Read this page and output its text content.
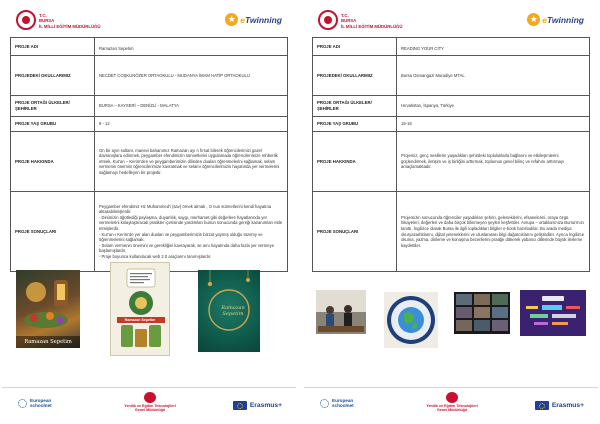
T.C.
BURSA
İL MİLLİ EĞİTİM MÜDÜRLÜĞÜ
★ eTwinning
PROJE ADI	Ramazan Sepetim
PROJEDEKİ OKULLARIMIZ	NECDET COŞKUNÖZER ORTAOKULU - MUDANYA İMAM HATİP ORTAOKULU
PROJE ORTAĞI ÜLKELER/ŞEHİRLER	BURSA – KAYSERİ – DENİZLİ - MALATYA
PROJE YAŞ GRUBU	9 - 12
PROJE HAKKINDA	On bir ayın sultanı, manevi bahanımız Ramazan ayı n fırsat bilerek öğrencilerimizi gazel davranışlara edinmek, peygamber efendimizin sünnetlerini uygulamada öğrencilerimize rehberlik etmek, Kur'an – Kerim'den ve peygamberimizin dilinden duaları öğrenmelerini sağlamak, selam vermenin önemini öğrencilerimize kavratmak ve selamı öğrencilerimizin hayatında yer vermelerini sağlamayı hedefleyen bir projedir.
PROJE SONUÇLARI	Peygamber efendimiz Hz Muhammed'i (sav) örnek almak , O nun sünnetlerini kendi hayatına aktarabilmişlerdir.
- Dinimizin öğütlediği paylaşma, duyarlılık, saygı, merhamet gibi değerlere hayatlarında yer vermelerini kolaylaştıracak pratikler içerisinde yardımları bunun sonucunda gereği kazanımları elde etmişlerdir.
- Kur'an-ı Kerim'de yer alan duaları ve peygamberimizin bizzat yaymış olduğu tüzemy ve öğrenmelerini sağlamak.
- Selam vermenin önemini ve gerekliğini kavrayarak, se amı hayatında daha fazla yer vermeye başlamışlardır.
- Proje boyunca kullanılacak web 2.0 araçlarını tanımışlardır.
Ramazan Sepetim
Ramazan Sepetim
Ramazan Sepetim
European
schoolnet	Yenilik ve Eğitim Teknolojileri
Genel Müdürlüğü
Erasmus+
T.C.
BURSA
İL MİLLİ EĞİTİM MÜDÜRLÜĞÜ
★ eTwinning
PROJE ADI	READING YOUR CITY
PROJEDEKİ OKULLARIMIZ	Bursa Osmangazi Muradiye MTAL
PROJE ORTAĞI ÜLKELER/ŞEHİRLER	Hırvatistan, İspanya, Türkiye
PROJE YAŞ GRUBU	15-18
PROJE HAKKINDA	Projemiz, genç nesillerin yaşadıkları şehirdeki topluluklarla bağlarını ve etkileşimlerini güçlendirmek, iletişim ve iş birliğini arttırmak, toplumun genel bilinç ve refahını arttırmayı amaçlamaktadır.
PROJE SONUÇLARI	Projemizin sonucunda öğrenciler yaşadıkları şehrin, geleneklerini, efsanelerini, oraya özgü hikayeleri, değerleri ve daha birçok bilinmeyen şeyleri keşfettiler. Avrupa – ortaklarımıza Bursa'mızı tanıttı. İngilizce olarak Bursa ile ilgili topladıkları bilgiler e-book hazırladılar. Bu arada mediya okuryazarlıklarını, dijital yeteneklerini ve uluslararası bilgi dağarcıklarını geliştirdiler. Ayrıca İngilizce okuma, yazma, dinleme ve konuşma becerilerini pratiğe dökerek yabancı dillerinde büyük ilerleme kaydettiler.
European
schoolnet	Yenilik ve Eğitim Teknolojileri
Genel Müdürlüğü
Erasmus+
